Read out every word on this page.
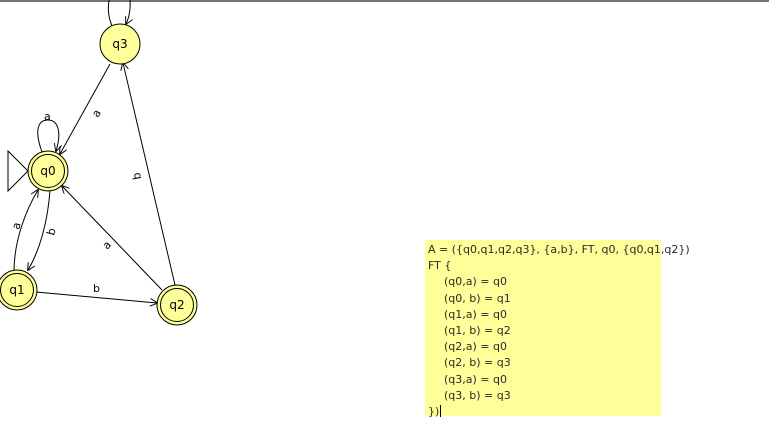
a
b
a
b
a
b
a
q0
q1
q2
q3
A = ({q0,q1,q2,q3}, {a,b}, FT, q0, {q0,q1,q2})
FT {
(q0,a) = q0
(q0, b) = q1
(q1,a) = q0
(q1, b) = q2
(q2,a) = q0
(q2, b) = q3
(q3,a) = q0
(q3, b) = q3
})
